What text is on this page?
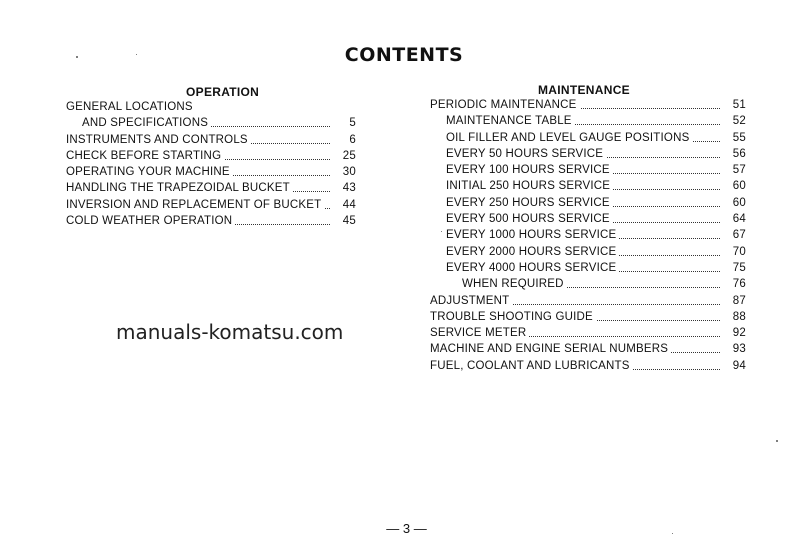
CONTENTS
OPERATION
GENERAL LOCATIONS
AND SPECIFICATIONS	5
INSTRUMENTS AND CONTROLS	6
CHECK BEFORE STARTING	25
OPERATING YOUR MACHINE	30
HANDLING THE TRAPEZOIDAL BUCKET	43
INVERSION AND REPLACEMENT OF BUCKET 44
COLD WEATHER OPERATION	45
MAINTENANCE
PERIODIC MAINTENANCE	51
MAINTENANCE TABLE	52
OIL FILLER AND LEVEL GAUGE POSITIONS	55
EVERY 50 HOURS SERVICE	56
EVERY 100 HOURS SERVICE	57
INITIAL 250 HOURS SERVICE	60
EVERY 250 HOURS SERVICE	60
EVERY 500 HOURS SERVICE	64
EVERY 1000 HOURS SERVICE	67
EVERY 2000 HOURS SERVICE	70
EVERY 4000 HOURS SERVICE	75
WHEN REQUIRED	76
ADJUSTMENT	87
TROUBLE SHOOTING GUIDE	88
SERVICE METER	92
MACHINE AND ENGINE SERIAL NUMBERS	93
FUEL, COOLANT AND LUBRICANTS	94
manuals-komatsu.com
— 3 —
